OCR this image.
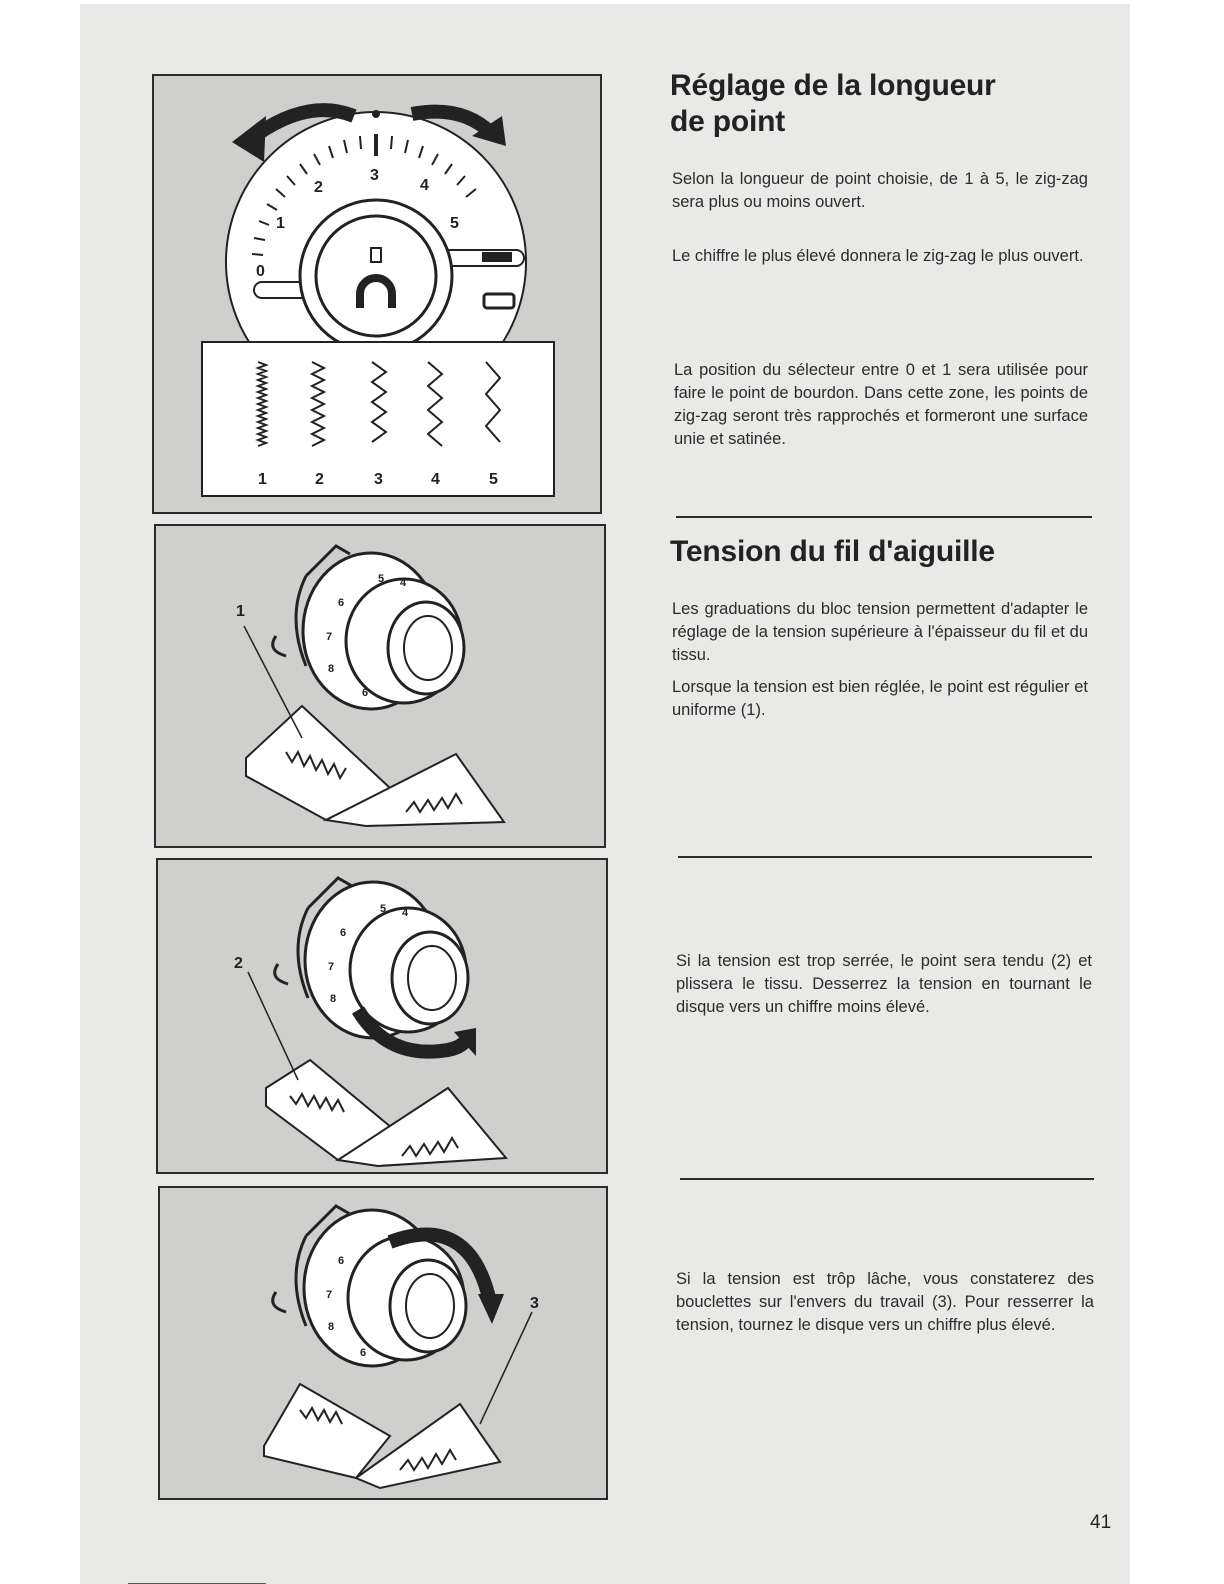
0
1
2
3
4
5
1	2	3	4	5
5 4
6
7
8
6
1
5 4
6
7
8
2
6
7
8
6
3
Réglage de la longueur
de point

Selon la longueur de point choisie, de 1 à 5, le zig-zag sera plus ou moins ouvert.

Le chiffre le plus élevé donnera le zig-zag le plus ouvert.

La position du sélecteur entre 0 et 1 sera utilisée pour faire le point de bourdon. Dans cette zone, les points de zig-zag seront très rapprochés et formeront une surface unie et satinée.

Tension du fil d'aiguille

Les graduations du bloc tension permettent d'adapter le réglage de la tension supérieure à l'épaisseur du fil et du tissu.

Lorsque la tension est bien réglée, le point est régulier et uniforme (1).

Si la tension est trop serrée, le point sera tendu (2) et plissera le tissu. Desserrez la tension en tournant le disque vers un chiffre moins élevé.

Si la tension est trôp lâche, vous constaterez des bouclettes sur l'envers du travail (3). Pour resserrer la tension, tournez le disque vers un chiffre plus élevé.

41
